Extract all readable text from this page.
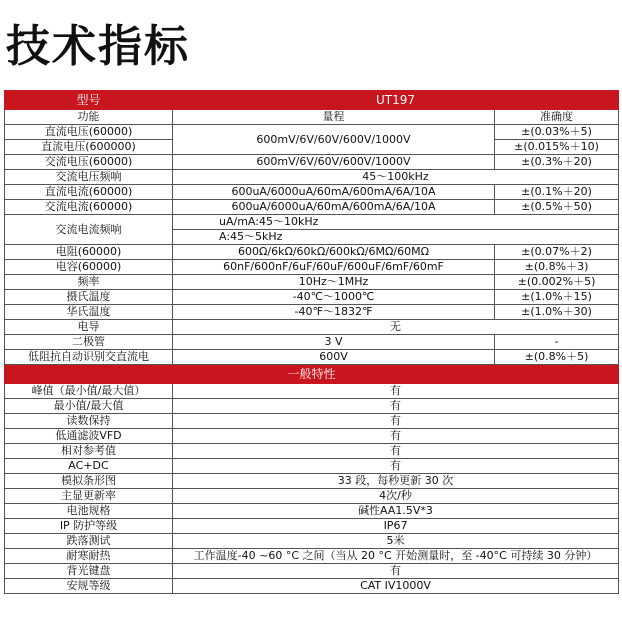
技术指标
型号	UT197	
功能	量程	准确度
直流电压(60000)	600mV/6V/60V/600V/1000V	±(0.03%＋5)
直流电压(600000)		±(0.015%＋10)
交流电压(60000)	600mV/6V/60V/600V/1000V	±(0.3%＋20)
交流电压频响	45～100kHz	
直流电流(60000)	600uA/6000uA/60mA/600mA/6A/10A	±(0.1%＋20)
交流电流(60000)	600uA/6000uA/60mA/600mA/6A/10A	±(0.5%＋50)
交流电流频响	uA/mA:45～10kHz	
	A:45～5kHz	
电阻(60000)	600Ω/6kΩ/60kΩ/600kΩ/6MΩ/60MΩ	±(0.07%＋2)
电容(60000)	60nF/600nF/6uF/60uF/600uF/6mF/60mF	±(0.8%＋3)
频率	10Hz～1MHz	±(0.002%＋5)
摄氏温度	-40℃～1000℃	±(1.0%＋15)
华氏温度	-40℉～1832℉	±(1.0%＋30)
电导	无	
二极管	3 V	-
低阻抗自动识别交直流电	600V	±(0.8%＋5)
一般特性		
峰值（最小值/最大值）	有	
最小值/最大值	有	
读数保持	有	
低通滤波VFD	有	
相对参考值	有	
AC+DC	有	
模拟条形图	33 段，每秒更新 30 次	
主显更新率	4次/秒	
电池规格	碱性AA1.5V*3	
IP 防护等级	IP67	
跌落测试	5米	
耐寒耐热	工作温度-40 ~60 °C 之间（当从 20 °C 开始测量时，至 -40°C 可持续 30 分钟）	
背光键盘	有	
安规等级	CAT IV1000V	
